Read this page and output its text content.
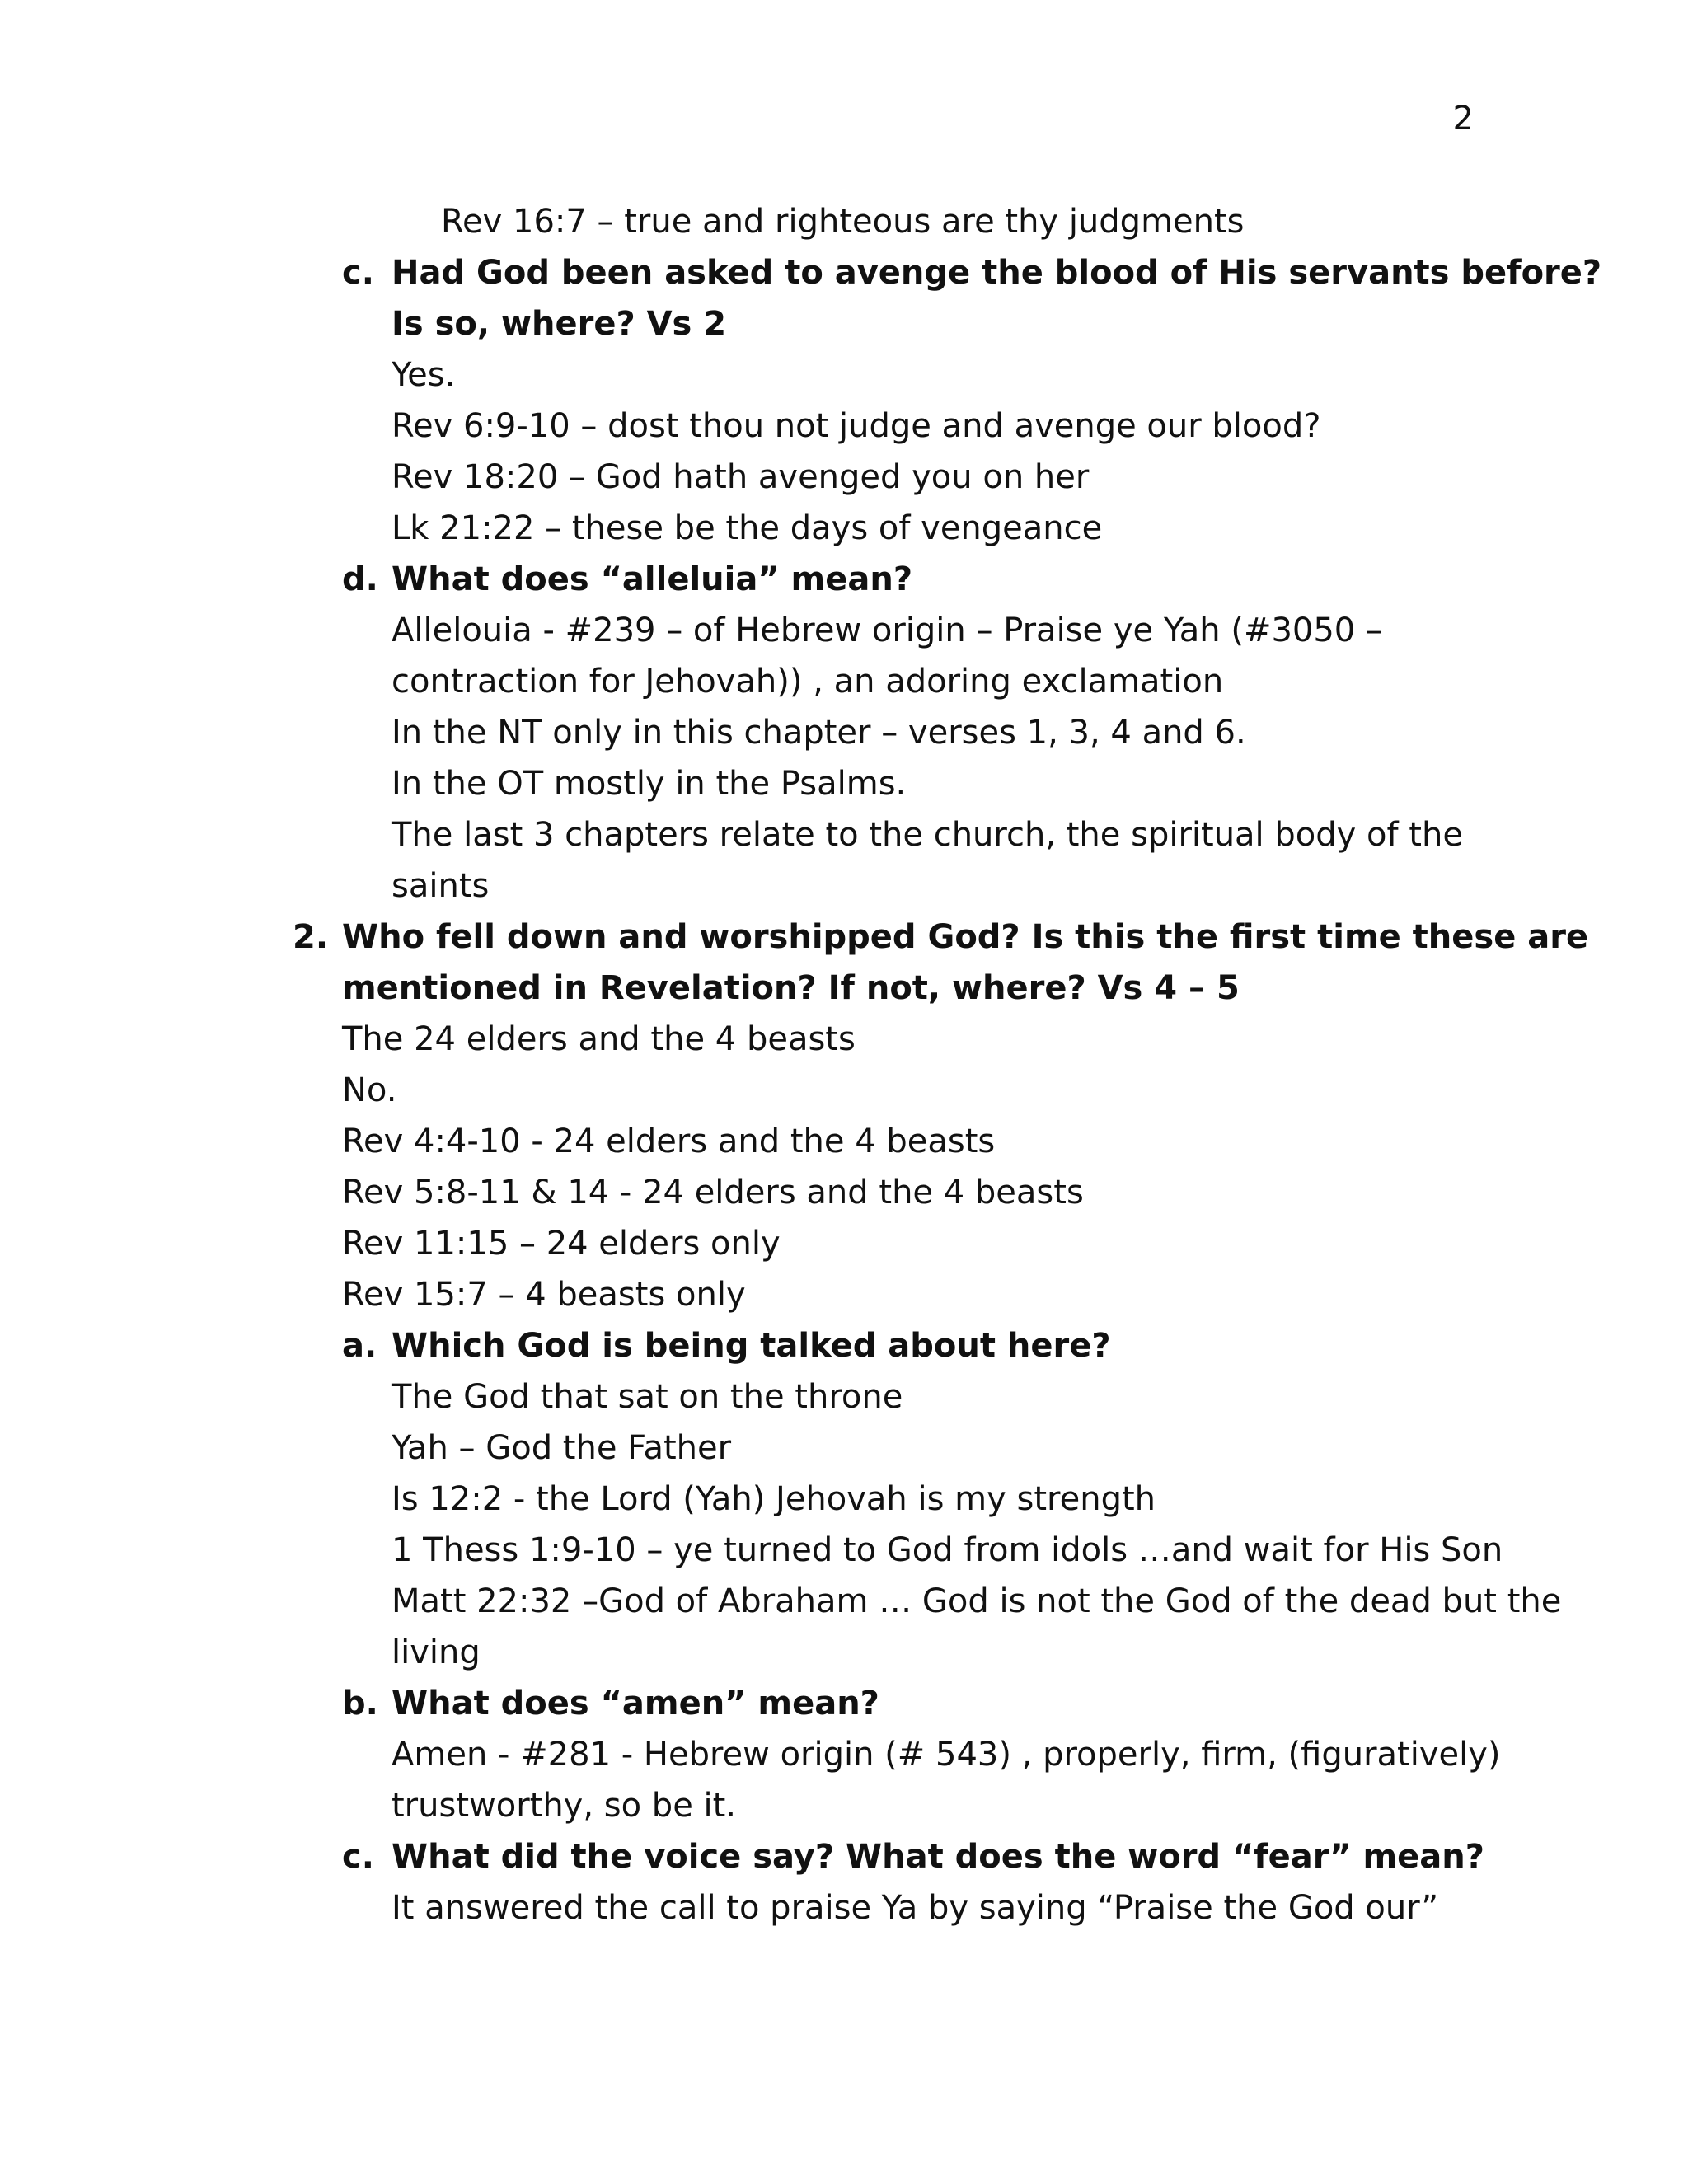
2
Rev 16:7 – true and righteous are thy judgments
c. Had God been asked to avenge the blood of His servants before?
Is so, where? Vs 2
Yes.
Rev 6:9-10 – dost thou not judge and avenge our blood?
Rev 18:20 – God hath avenged you on her
Lk 21:22 – these be the days of vengeance
d. What does “alleluia” mean?
Allelouia - #239 – of Hebrew origin – Praise ye Yah (#3050 –
contraction for Jehovah)) , an adoring exclamation
In the NT only in this chapter – verses 1, 3, 4 and 6.
In the OT mostly in the Psalms.
The last 3 chapters relate to the church, the spiritual body of the
saints
2. Who fell down and worshipped God? Is this the first time these are
mentioned in Revelation? If not, where? Vs 4 – 5
The 24 elders and the 4 beasts
No.
Rev 4:4-10 - 24 elders and the 4 beasts
Rev 5:8-11 & 14 - 24 elders and the 4 beasts
Rev 11:15 – 24 elders only
Rev 15:7 – 4 beasts only
a. Which God is being talked about here?
The God that sat on the throne
Yah – God the Father
Is 12:2 - the Lord (Yah) Jehovah is my strength
1 Thess 1:9-10 – ye turned to God from idols …and wait for His Son
Matt 22:32 –God of Abraham … God is not the God of the dead but the
living
b. What does “amen” mean?
Amen - #281 - Hebrew origin (# 543) , properly, firm, (figuratively)
trustworthy, so be it.
c. What did the voice say? What does the word “fear” mean?
It answered the call to praise Ya by saying “Praise the God our”
